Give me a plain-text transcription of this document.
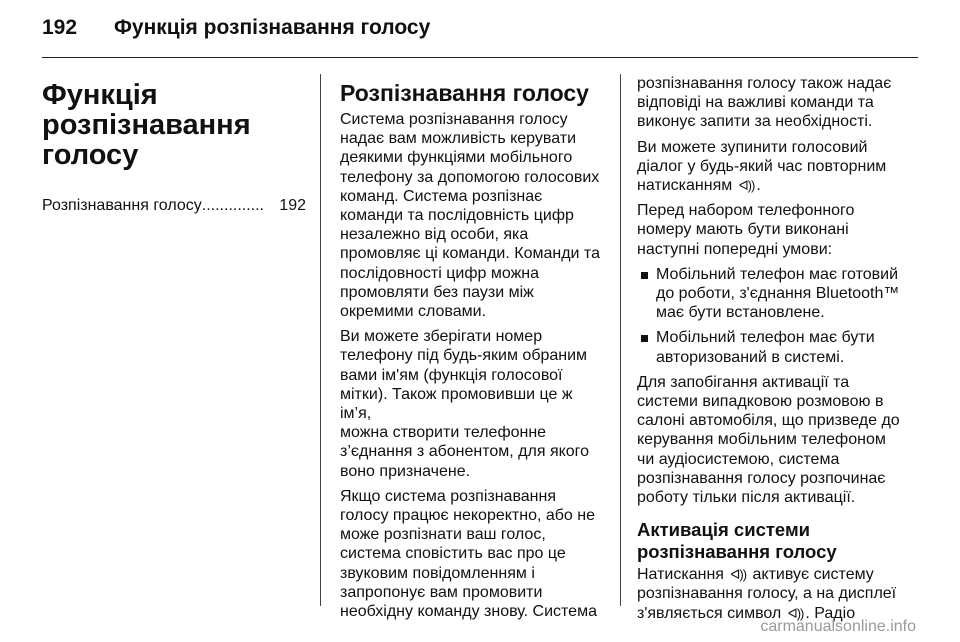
192 Функція розпізнавання голосу
Функція
розпізнавання
голосу
Розпізнавання голосу .............. 192
Розпізнавання голосу

Система розпізнавання голосу
надає вам можливість керувати
деякими функціями мобільного
телефону за допомогою голосових
команд. Система розпізнає
команди та послідовність цифр
незалежно від особи, яка
промовляє ці команди. Команди та
послідовності цифр можна
промовляти без паузи між
окремими словами.

Ви можете зберігати номер
телефону під будь-яким обраним
вами ім'ям (функція голосової
мітки). Також промовивши це ж ім’я,
можна створити телефонне
з’єднання з абонентом, для якого
воно призначене.

Якщо система розпізнавання
голосу працює некоректно, або не
може розпізнати ваш голос,
система сповістить вас про це
звуковим повідомленням і
запропонує вам промовити
необхідну команду знову. Система

розпізнавання голосу також надає
відповіді на важливі команди та
виконує запити за необхідності.

Ви можете зупинити голосовий
діалог у будь-який час повторним
натисканням ᐊ)) .

Перед набором телефонного
номеру мають бути виконані
наступні попередні умови:

Мобільний телефон має готовий
до роботи, з'єднання Bluetooth™
має бути встановлене.
Мобільний телефон має бути
авторизований в системі.

Для запобігання активації та
системи випадковою розмовою в
салоні автомобіля, що призведе до
керування мобільним телефоном
чи аудіосистемою, система
розпізнавання голосу розпочинає
роботу тільки після активації.

Активація системи
розпізнавання голосу

Натискання ᐊ)) активує систему
розпізнавання голосу, а на дисплеї
з'являється символ ᐊ)) . Радіо

carmanualsonline.info
